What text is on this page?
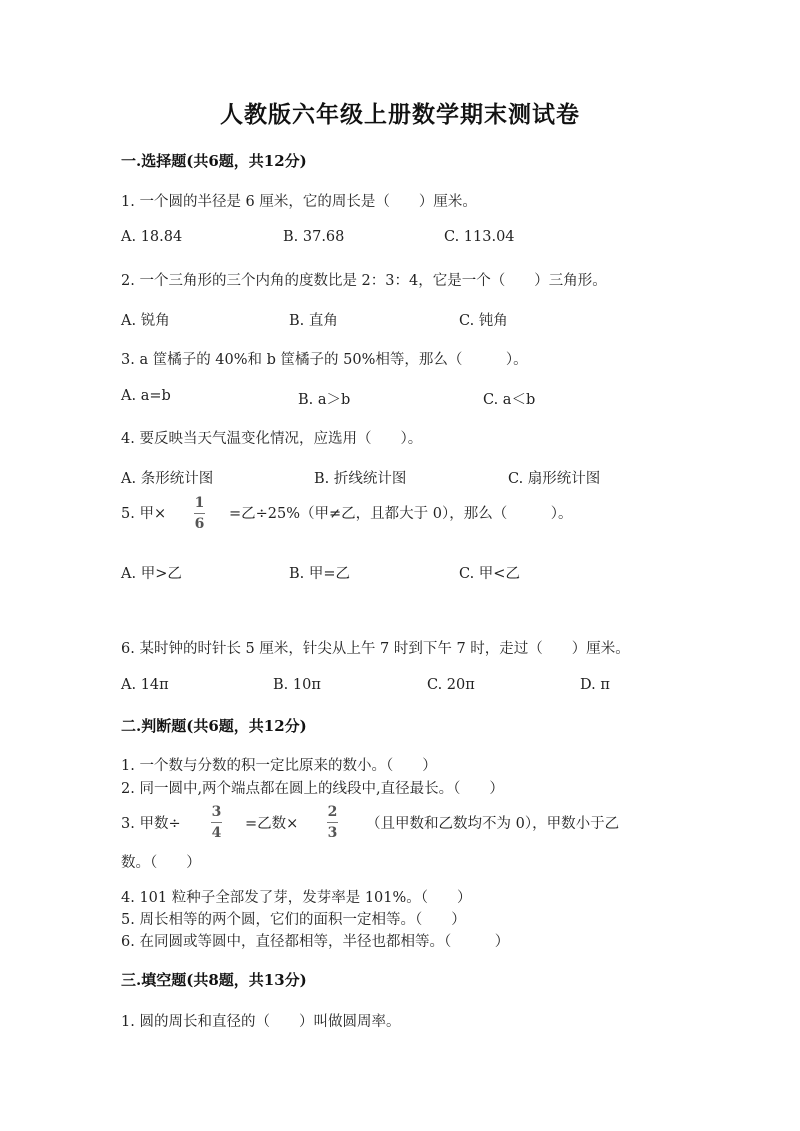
人教版六年级上册数学期末测试卷
一.选择题(共6题，共12分)
1. 一个圆的半径是 6 厘米，它的周长是（　　）厘米。
A. 18.84	B. 37.68	C. 113.04
2. 一个三角形的三个内角的度数比是 2：3：4，它是一个（　　）三角形。
A. 锐角	B. 直角	C. 钝角
3. a 筐橘子的 40%和 b 筐橘子的 50%相等，那么（　　　）。
A. a=b	B. a＞b	C. a＜b
4. 要反映当天气温变化情况，应选用（　　）。
A. 条形统计图	B. 折线统计图	C. 扇形统计图
5. 甲×
1
6
=乙÷25%（甲≠乙，且都大于 0），那么（　　　）。
A. 甲>乙	B. 甲=乙	C. 甲<乙
6. 某时钟的时针长 5 厘米，针尖从上午 7 时到下午 7 时，走过（　　）厘米。
A. 14π	B. 10π	C. 20π	D. π
二.判断题(共6题，共12分)
1. 一个数与分数的积一定比原来的数小。（　　）
2. 同一圆中,两个端点都在圆上的线段中,直径最长。（　　）
3. 甲数÷
3
4
=乙数×
2
3
（且甲数和乙数均不为 0），甲数小于乙
数。（　　）
4. 101 粒种子全部发了芽，发芽率是 101%。（　　）
5. 周长相等的两个圆，它们的面积一定相等。（　　）
6. 在同圆或等圆中，直径都相等，半径也都相等。（　　　）
三.填空题(共8题，共13分)
1. 圆的周长和直径的（　　）叫做圆周率。
